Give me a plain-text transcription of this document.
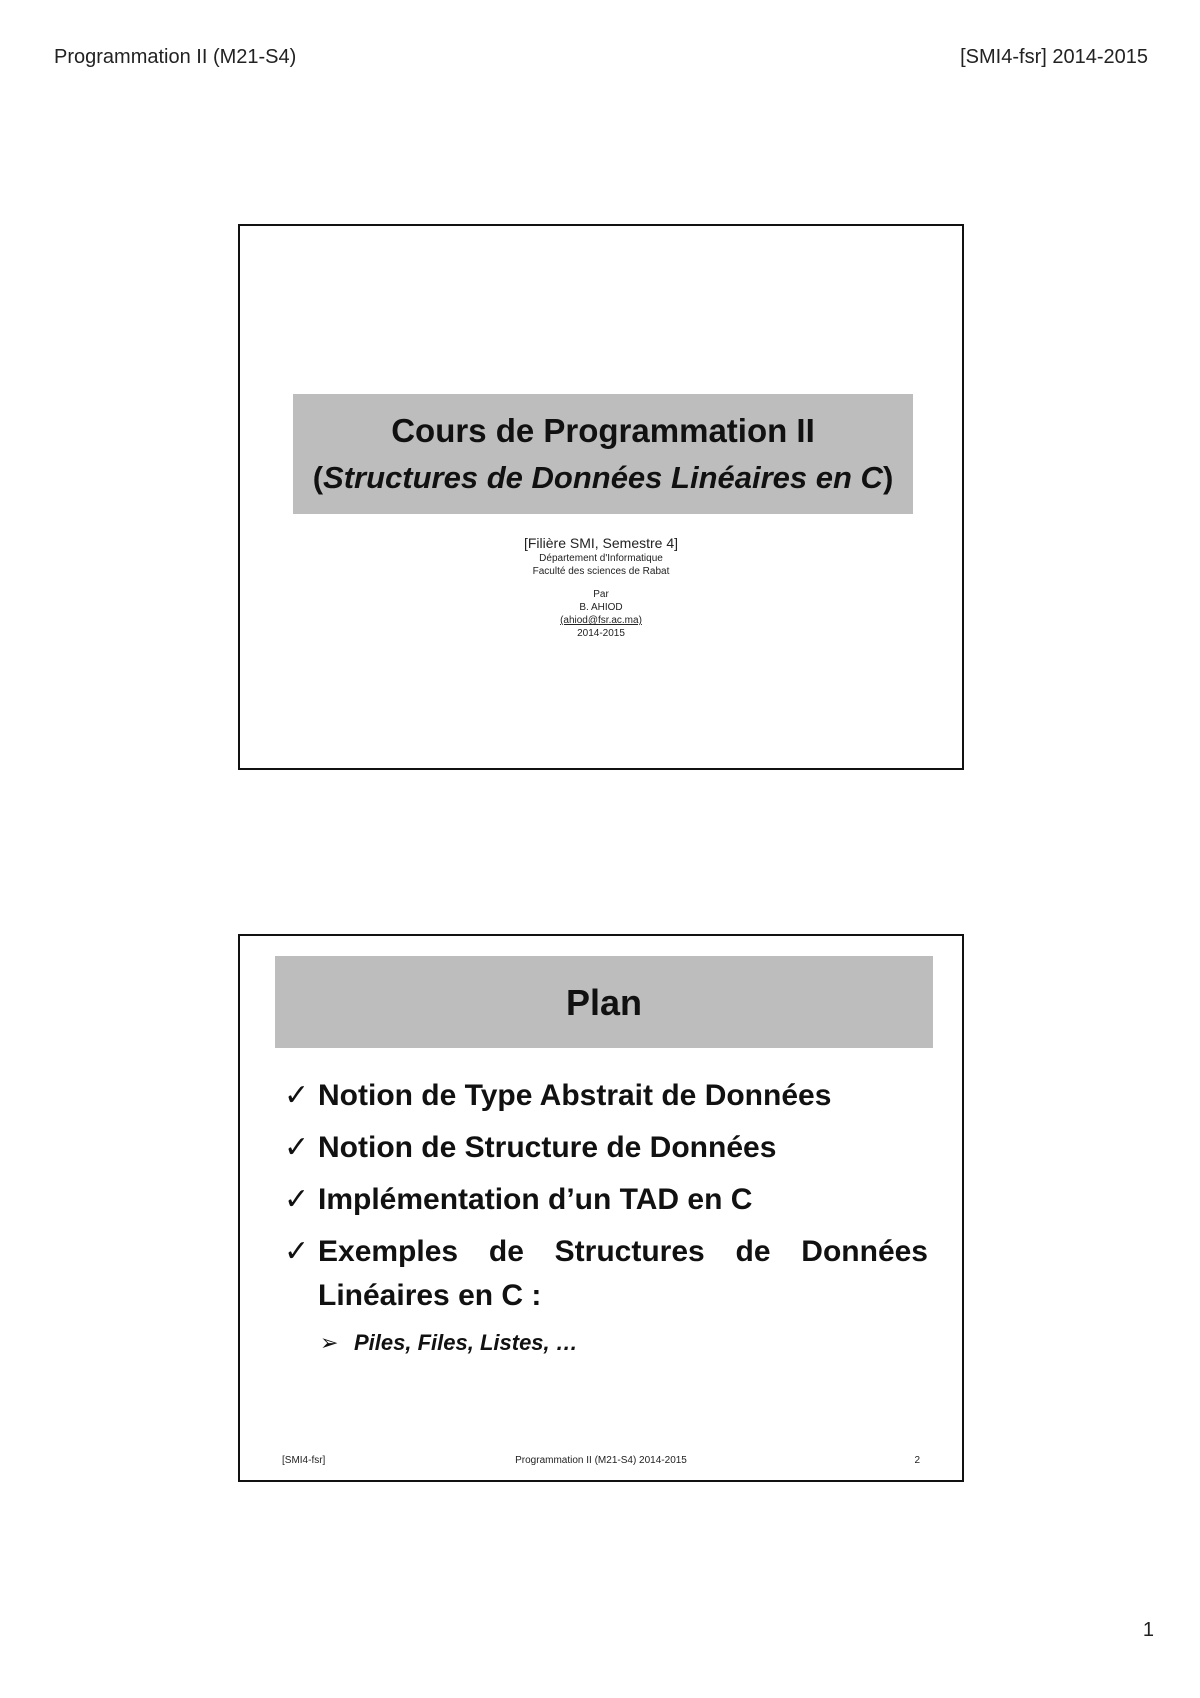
Programmation II (M21-S4)	[SMI4-fsr] 2014-2015
Cours de Programmation II
(Structures de Données Linéaires en C)
[Filière SMI, Semestre 4]
Département d'Informatique
Faculté des sciences de Rabat
Par
B. AHIOD
(ahiod@fsr.ac.ma)
2014-2015
Plan
✓ Notion de Type Abstrait de Données
✓ Notion de Structure de Données
✓ Implémentation d’un TAD en C
✓ Exemples de Structures de Données
Linéaires en C :
➢ Piles, Files, Listes, …
[SMI4-fsr]	Programmation II (M21-S4) 2014-2015	2
1
